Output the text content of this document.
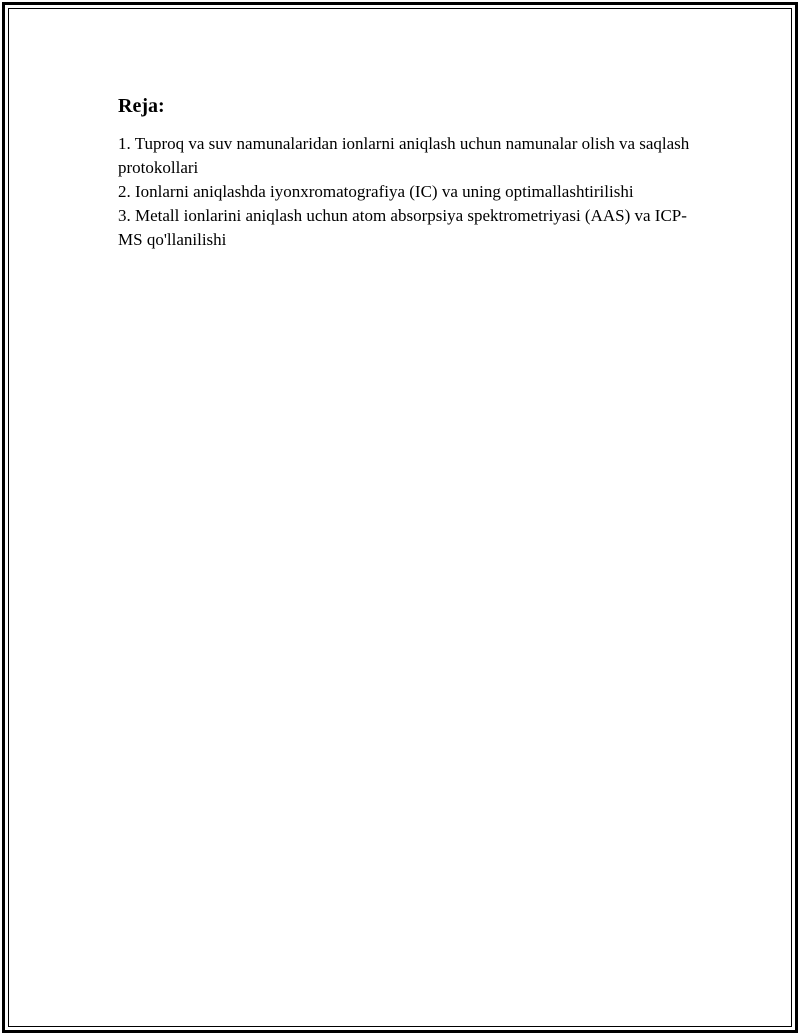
Reja:

1. Tuproq va suv namunalaridan ionlarni aniqlash uchun namunalar olish va saqlash protokollari

2. Ionlarni aniqlashda iyonxromatografiya (IC) va uning optimallashtirilishi

3. Metall ionlarini aniqlash uchun atom absorpsiya spektrometriyasi (AAS) va ICP-MS qo'llanilishi
